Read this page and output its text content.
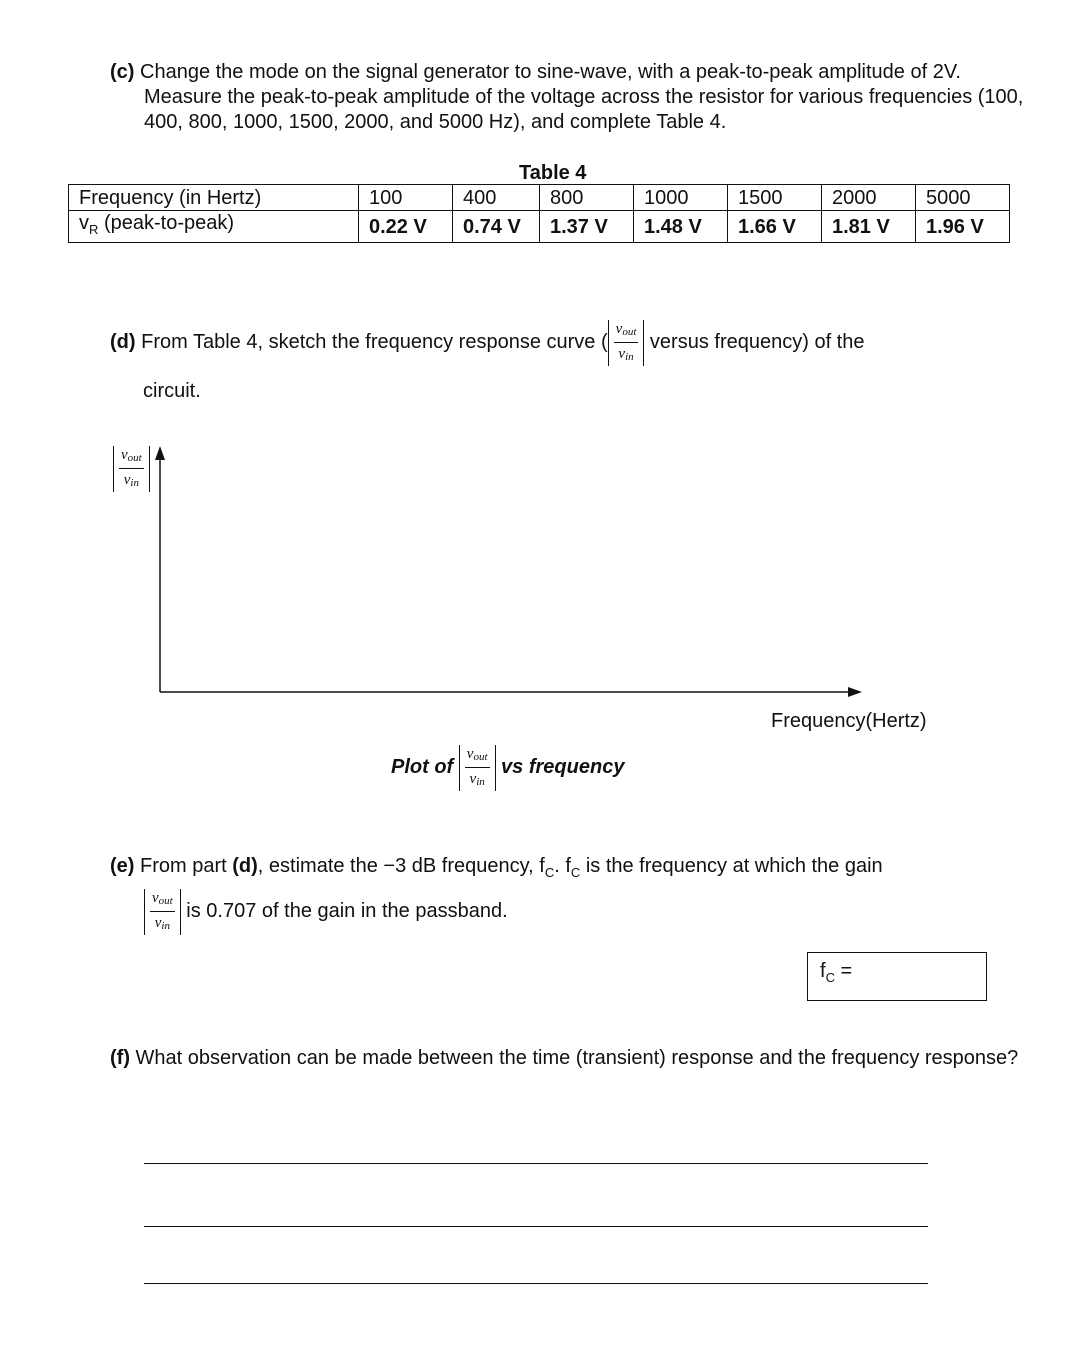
(c) Change the mode on the signal generator to sine-wave, with a peak-to-peak amplitude of 2V. Measure the peak-to-peak amplitude of the voltage across the resistor for various frequencies (100, 400, 800, 1000, 1500, 2000, and 5000 Hz), and complete Table 4.
Table 4
Frequency (in Hertz)	100	400	800	1000	1500	2000	5000
$v_R$ (peak-to-peak)	0.22 V	0.74 V	1.37 V	1.48 V	1.66 V	1.81 V	1.96 V
(d) From Table 4, sketch the frequency response curve ( $\frac{v_{out}}{v_{in}}$ versus frequency) of the
circuit.
$\frac{v_{out}}{v_{in}}$
Frequency(Hertz)
Plot of $\frac{v_{out}}{v_{in}}$ vs frequency
(e) From part (d), estimate the −3 dB frequency, $f_C$. $f_C$ is the frequency at which the gain
$\frac{v_{out}}{v_{in}}$ is 0.707 of the gain in the passband.
$f_C$ =
(f) What observation can be made between the time (transient) response and the frequency response?
